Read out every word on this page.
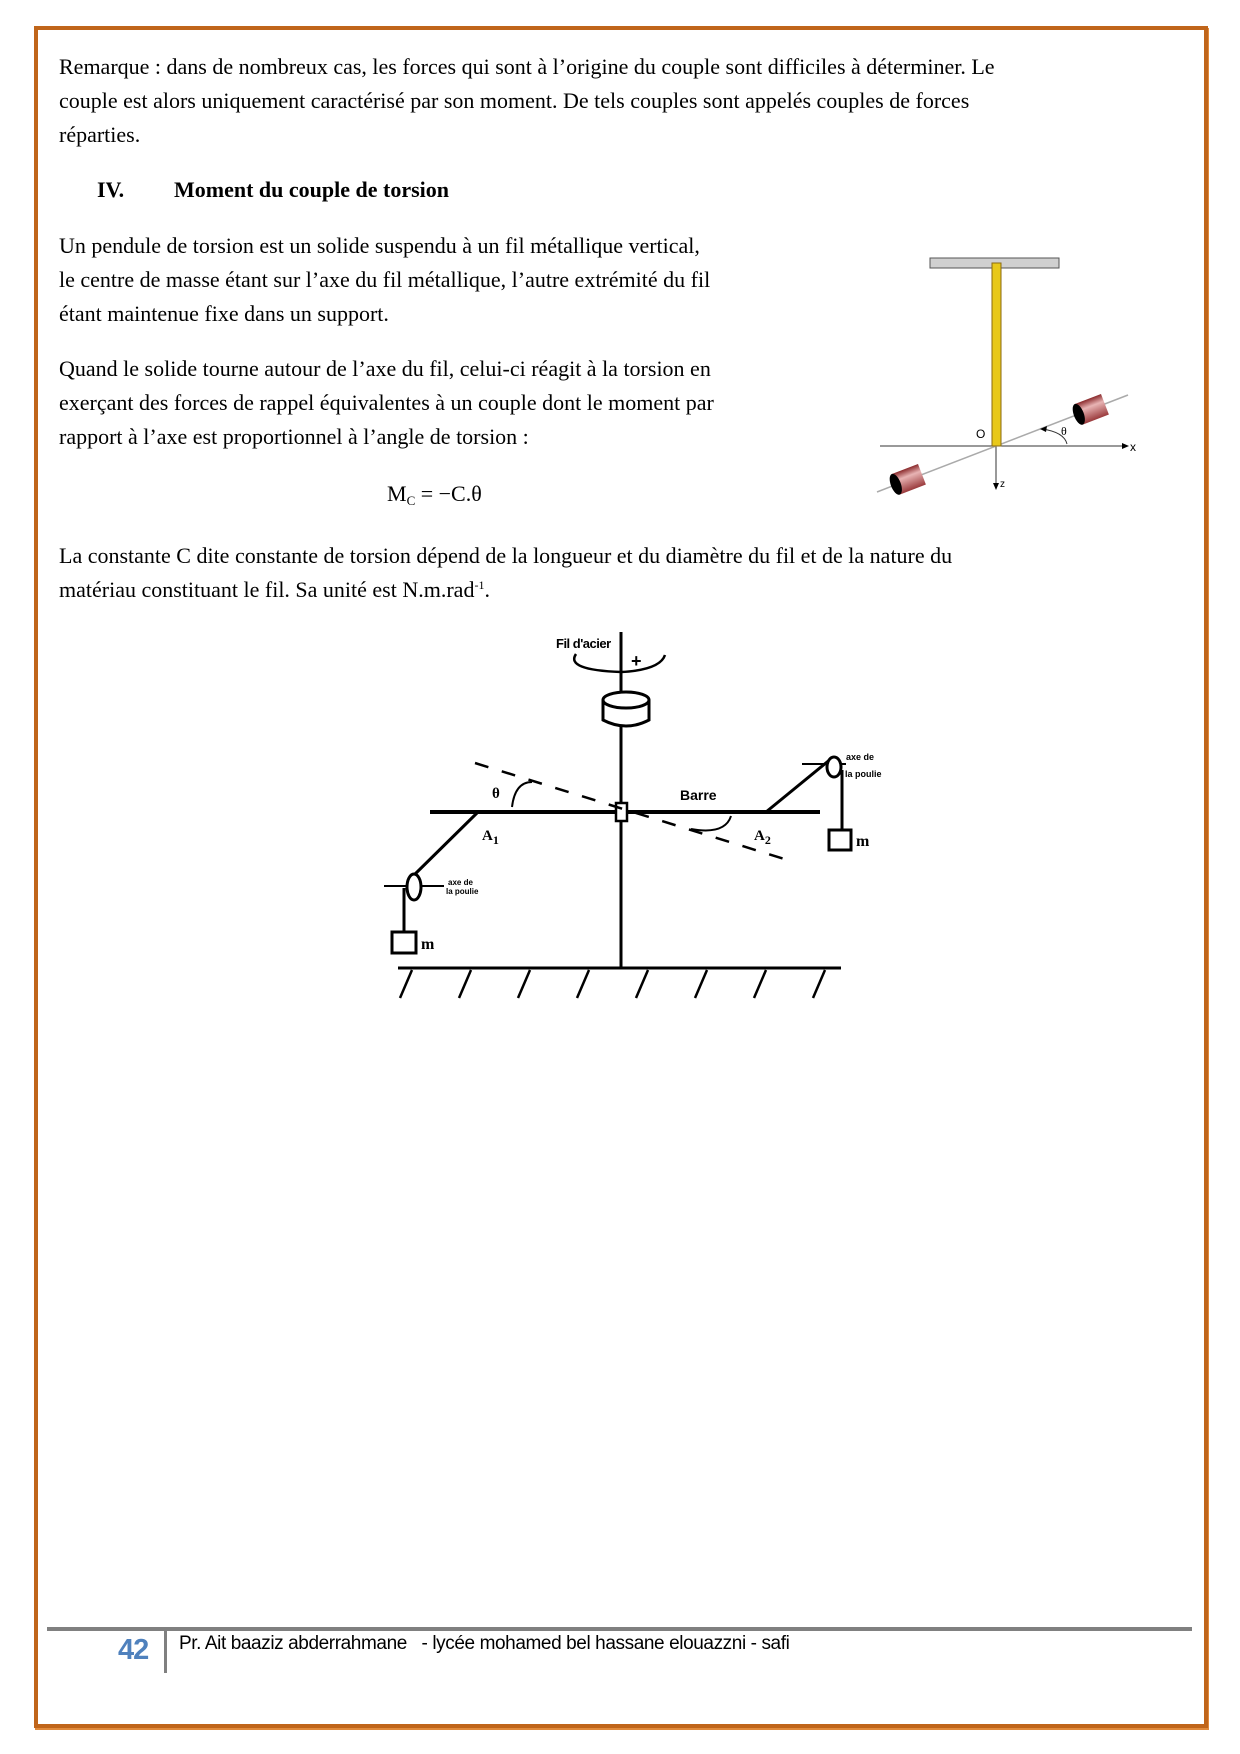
Remarque : dans de nombreux cas, les forces qui sont à l’origine du couple sont difficiles à déterminer. Le
couple est alors uniquement caractérisé par son moment. De tels couples sont appelés couples de forces
réparties.
IV. Moment du couple de torsion
Un pendule de torsion est un solide suspendu à un fil métallique vertical,
le centre de masse étant sur l’axe du fil métallique, l’autre extrémité du fil
étant maintenue fixe dans un support.
Quand le solide tourne autour de l’axe du fil, celui-ci réagit à la torsion en
exerçant des forces de rappel équivalentes à un couple dont le moment par
rapport à l’axe est proportionnel à l’angle de torsion :
$M_C = -C.\theta$
La constante C dite constante de torsion dépend de la longueur et du diamètre du fil et de la nature du
matériau constituant le fil. Sa unité est N.m.rad$^{-1}$.
x
z
O	θ
Fil d'acier
+
Barre
θ
$A_1$	$A_2$
axe de
la poulie
axe de
la poulie
m
m
42 Pr. Ait baaziz abderrahmane   - lycée mohamed bel hassane elouazzni - safi
